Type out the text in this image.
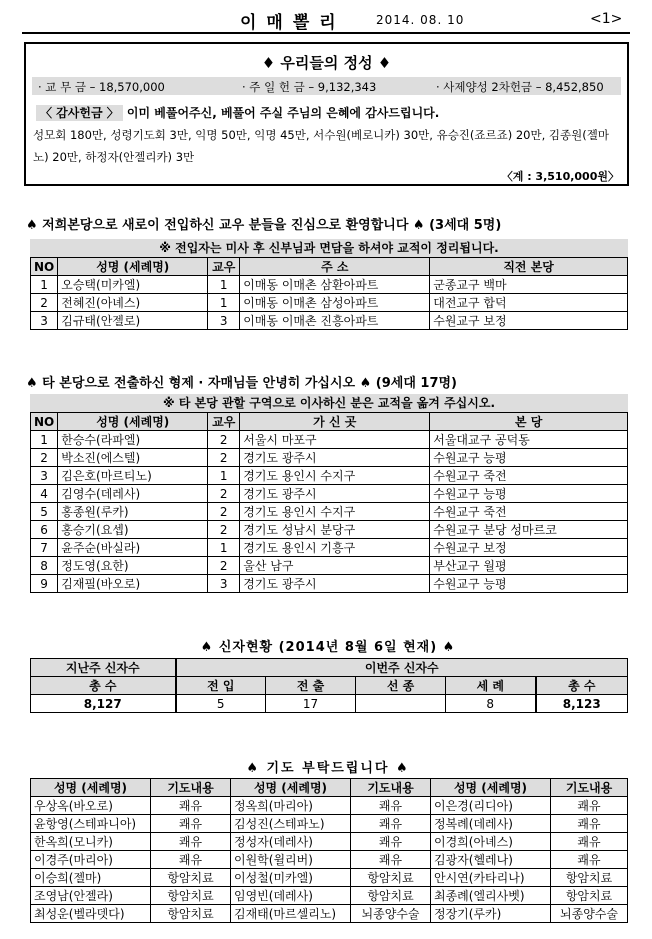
이매뽈리	2014. 08. 10	<1>
♦ 우리들의 정성 ♦
· 교 무 금 – 18,570,000	· 주 일 헌 금 – 9,132,343	· 사제양성 2차헌금 – 8,452,850
〈 감사헌금 〉 이미 베풀어주신, 베풀어 주실 주님의 은혜에 감사드립니다.
성모회 180만, 성령기도회 3만, 익명 50만, 익명 45만, 서수원(베로니카) 30만, 유승진(죠르죠) 20만, 김종원(젤마노) 20만, 하정자(안젤리카) 3만
〈계 : 3,510,000원〉
♠ 저희본당으로 새로이 전입하신 교우 분들을 진심으로 환영합니다 ♠ (3세대 5명)
※ 전입자는 미사 후 신부님과 면담을 하셔야 교적이 정리됩니다.
NO	성명 (세례명)	교우	주 소	직전 본당
1	오승택(미카엘)	1	이매동 이매촌 삼환아파트	군종교구 백마
2	전혜진(아녜스)	1	이매동 이매촌 삼성아파트	대전교구 합덕
3	김규태(안젤로)	3	이매동 이매촌 진흥아파트	수원교구 보정
♠ 타 본당으로 전출하신 형제 · 자매님들 안녕히 가십시오 ♠ (9세대 17명)
※ 타 본당 관할 구역으로 이사하신 분은 교적을 옮겨 주십시오.
NO	성명 (세례명)	교우	가 신 곳	본 당
1	한승수(라파엘)	2	서울시 마포구	서울대교구 공덕동
2	박소진(에스텔)	2	경기도 광주시	수원교구 능평
3	김은호(마르티노)	1	경기도 용인시 수지구	수원교구 죽전
4	김영수(데레사)	2	경기도 광주시	수원교구 능평
5	홍종원(루카)	2	경기도 용인시 수지구	수원교구 죽전
6	홍승기(요셉)	2	경기도 성남시 분당구	수원교구 분당 성마르코
7	윤주순(바실라)	1	경기도 용인시 기흥구	수원교구 보정
8	정도영(요한)	2	울산 남구	부산교구 월평
9	김재필(바오로)	3	경기도 광주시	수원교구 능평
♠ 신자현황 (2014년 8월 6일 현재) ♠
지난주 신자수	이번주 신자수				
총 수	전 입	전 출	선 종	세 례	총 수
8,127	5	17		8	8,123
♠ 기도 부탁드립니다 ♠
성명 (세례명)	기도내용	성명 (세례명)	기도내용	성명 (세례명)	기도내용
우상옥(바오로)	쾌유	정옥희(마리아)	쾌유	이은경(리디아)	쾌유
윤항영(스테파니아)	쾌유	김성진(스테파노)	쾌유	정복례(데레사)	쾌유
한옥희(모니카)	쾌유	정성자(데레사)	쾌유	이경희(아녜스)	쾌유
이경주(마리아)	쾌유	이원학(윌리버)	쾌유	김광자(헬레나)	쾌유
이승희(젤마)	항암치료	이성철(미카엘)	항암치료	안시연(카타리나)	항암치료
조영남(안젤라)	항암치료	임영빈(데레사)	항암치료	최종례(엘리사벳)	항암치료
최성운(벨라뎃다)	항암치료	김재태(마르셀리노)	뇌종양수술	정장기(루카)	뇌종양수술
